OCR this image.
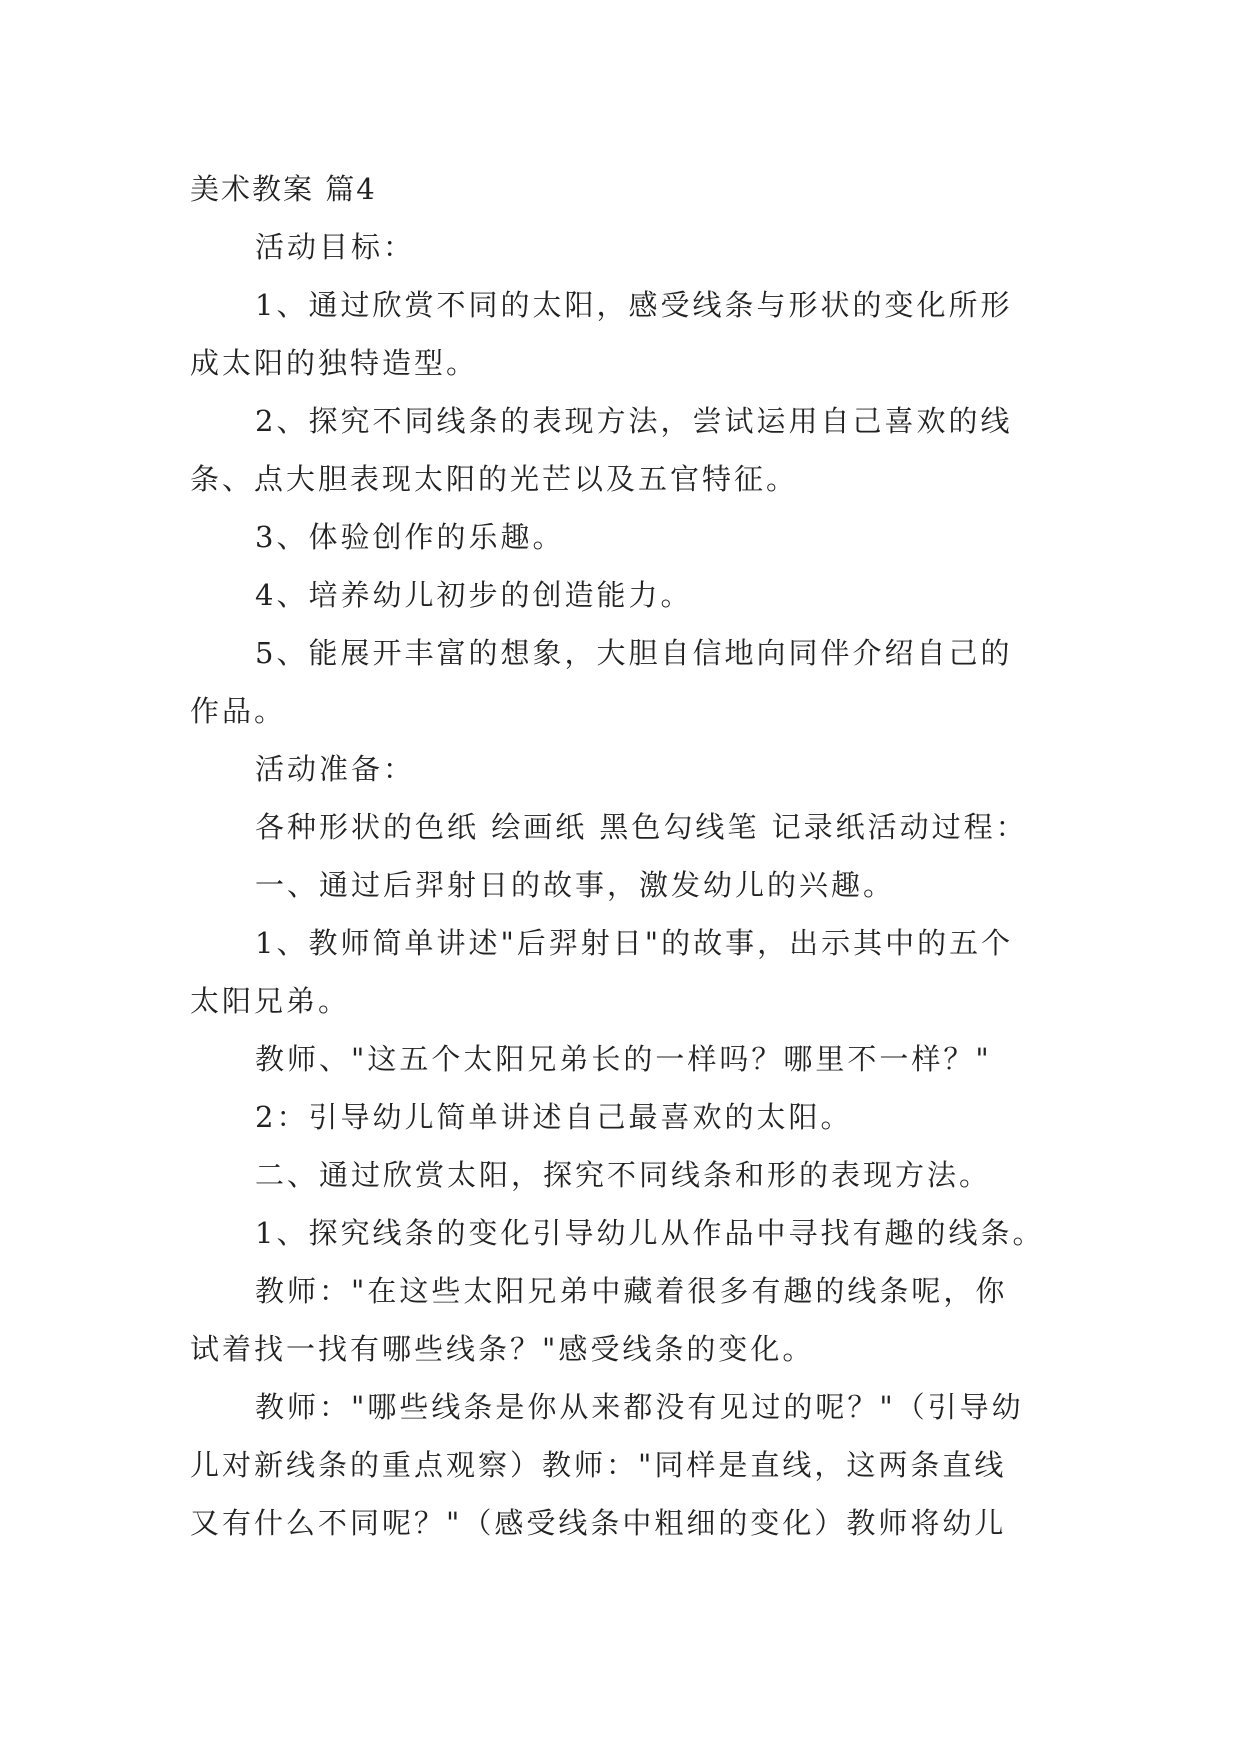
美术教案 篇4
活动目标：
1、通过欣赏不同的太阳，感受线条与形状的变化所形
成太阳的独特造型。
2、探究不同线条的表现方法，尝试运用自己喜欢的线
条、点大胆表现太阳的光芒以及五官特征。
3、体验创作的乐趣。
4、培养幼儿初步的创造能力。
5、能展开丰富的想象，大胆自信地向同伴介绍自己的
作品。
活动准备：
各种形状的色纸 绘画纸 黑色勾线笔 记录纸活动过程：
一、通过后羿射日的故事，激发幼儿的兴趣。
1、教师简单讲述"后羿射日"的故事，出示其中的五个
太阳兄弟。
教师、"这五个太阳兄弟长的一样吗？哪里不一样？"
2：引导幼儿简单讲述自己最喜欢的太阳。
二、通过欣赏太阳，探究不同线条和形的表现方法。
1、探究线条的变化引导幼儿从作品中寻找有趣的线条。
教师："在这些太阳兄弟中藏着很多有趣的线条呢，你
试着找一找有哪些线条？"感受线条的变化。
教师："哪些线条是你从来都没有见过的呢？"（引导幼
儿对新线条的重点观察）教师："同样是直线，这两条直线
又有什么不同呢？"（感受线条中粗细的变化）教师将幼儿
